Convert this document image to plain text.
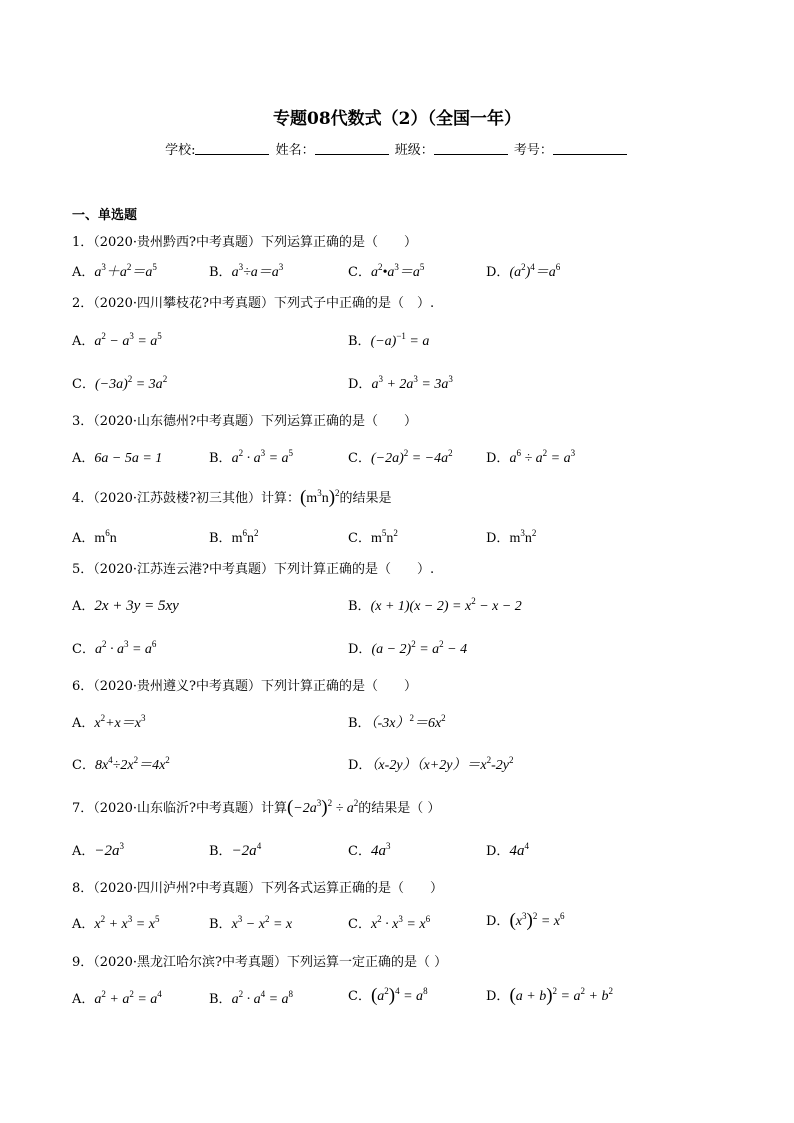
专题08代数式（2）（全国一年）
学校:	姓名：	班级：	考号：
一、单选题
1．（2020·贵州黔西?中考真题）下列运算正确的是（　　）
A．$a^3+a^2=a^5$	B．$a^3\div a=a^3$	C．$a^2•a^3=a^5$	D．$(a^2)^4=a^6$
2．（2020·四川攀枝花?中考真题）下列式子中正确的是（　）.
A．$a^2 - a^3 = a^5$	B．$(-a)^{-1} = a$
C．$(-3a)^2 = 3a^2$	D．$a^3 + 2a^3 = 3a^3$
3．（2020·山东德州?中考真题）下列运算正确的是（　　）
A．6a − 5a = 1	B．$a^2 \cdot a^3 = a^5$	C．$(-2a)^2 = -4a^2$	D．$a^6 \div a^2 = a^3$
4．（2020·江苏鼓楼?初三其他）计算：$(m^3n)^2$的结果是
A．$m^6n$	B．$m^6n^2$	C．$m^5n^2$	D．$m^3n^2$
5．（2020·江苏连云港?中考真题）下列计算正确的是（　　）.
A．2x + 3y = 5xy	B．$(x + 1)(x - 2) = x^2 - x - 2$
C．$a^2 \cdot a^3 = a^6$	D．$(a - 2)^2 = a^2 - 4$
6．（2020·贵州遵义?中考真题）下列计算正确的是（　　）
A．$x^2+x=x^3$	B．$(-3x)^2=6x^2$
C．$8x^4\div 2x^2=4x^2$	D．$(x-2y)(x+2y)=x^2-2y^2$
7．（2020·山东临沂?中考真题）计算$(-2a^3)^2 \div a^2$的结果是（ ）
A．$-2a^3$	B．$-2a^4$	C．$4a^3$	D．$4a^4$
8．（2020·四川泸州?中考真题）下列各式运算正确的是（　　）
A．$x^2 + x^3 = x^5$	B．$x^3 - x^2 = x$	C．$x^2 \cdot x^3 = x^6$	D．$(x^3)^2 = x^6$
9．（2020·黑龙江哈尔滨?中考真题）下列运算一定正确的是（ ）
A．$a^2 + a^2 = a^4$	B．$a^2 \cdot a^4 = a^8$	C．$(a^2)^4 = a^8$	D．$(a + b)^2 = a^2 + b^2$
